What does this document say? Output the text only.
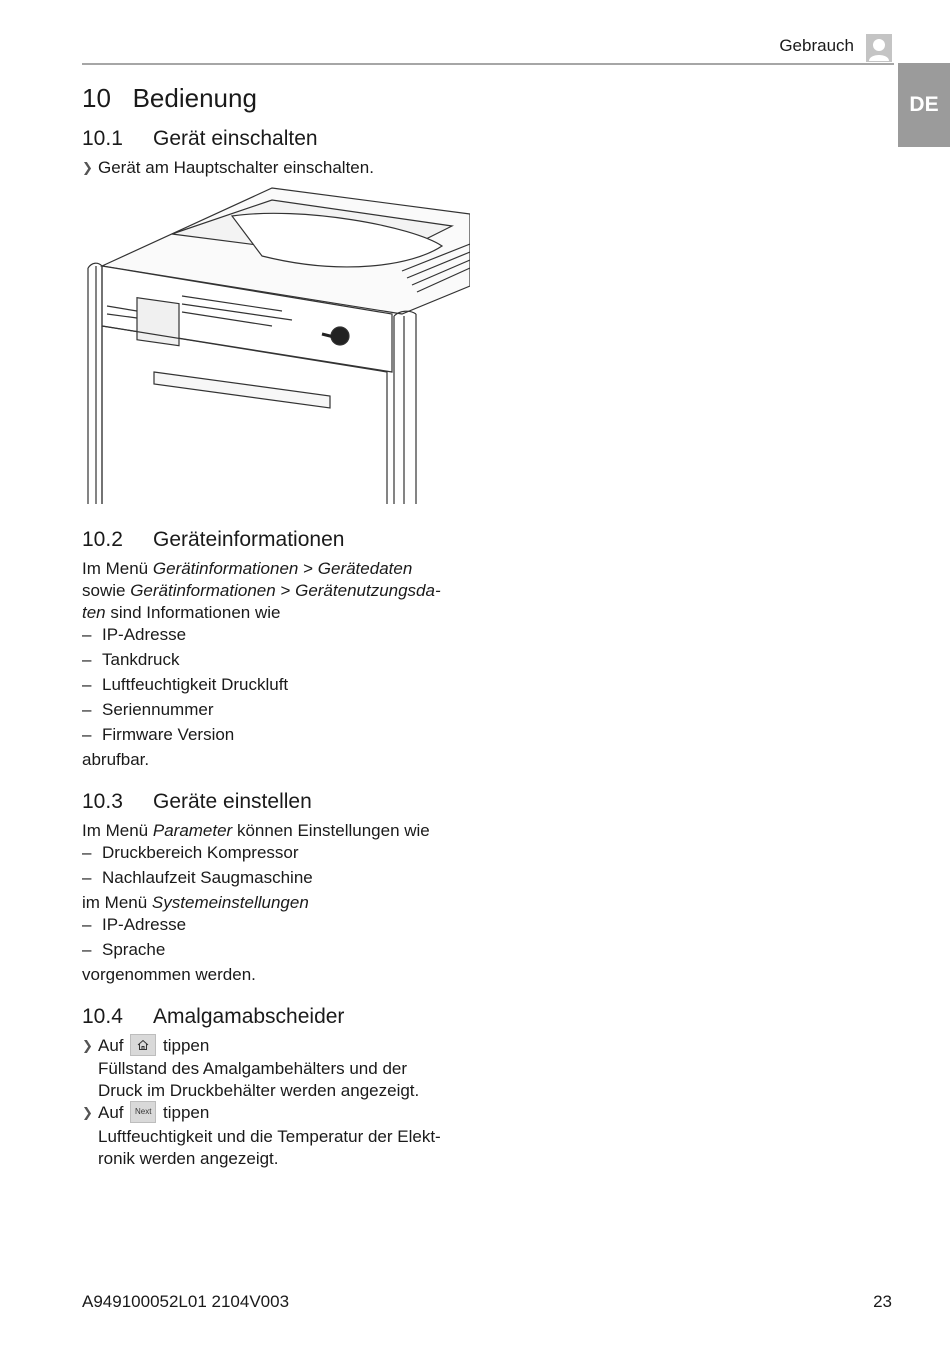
Gebrauch
DE
10 Bedienung
10.1 Gerät einschalten
❯ Gerät am Hauptschalter einschalten.
10.2 Geräteinformationen
Im Menü Gerätinformationen > Gerätedaten
sowie Gerätinformationen > Gerätenutzungsda-
ten sind Informationen wie
– IP-Adresse
– Tankdruck
– Luftfeuchtigkeit Druckluft
– Seriennummer
– Firmware Version
abrufbar.
10.3 Geräte einstellen
Im Menü Parameter können Einstellungen wie
– Druckbereich Kompressor
– Nachlaufzeit Saugmaschine
im Menü Systemeinstellungen
– IP-Adresse
– Sprache
vorgenommen werden.
10.4 Amalgamabscheider
❯ Auf tippen
Füllstand des Amalgambehälters und der
Druck im Druckbehälter werden angezeigt.
❯ Auf Next tippen
Luftfeuchtigkeit und die Temperatur der Elekt-
ronik werden angezeigt.
A949100052L01 2104V003	23
